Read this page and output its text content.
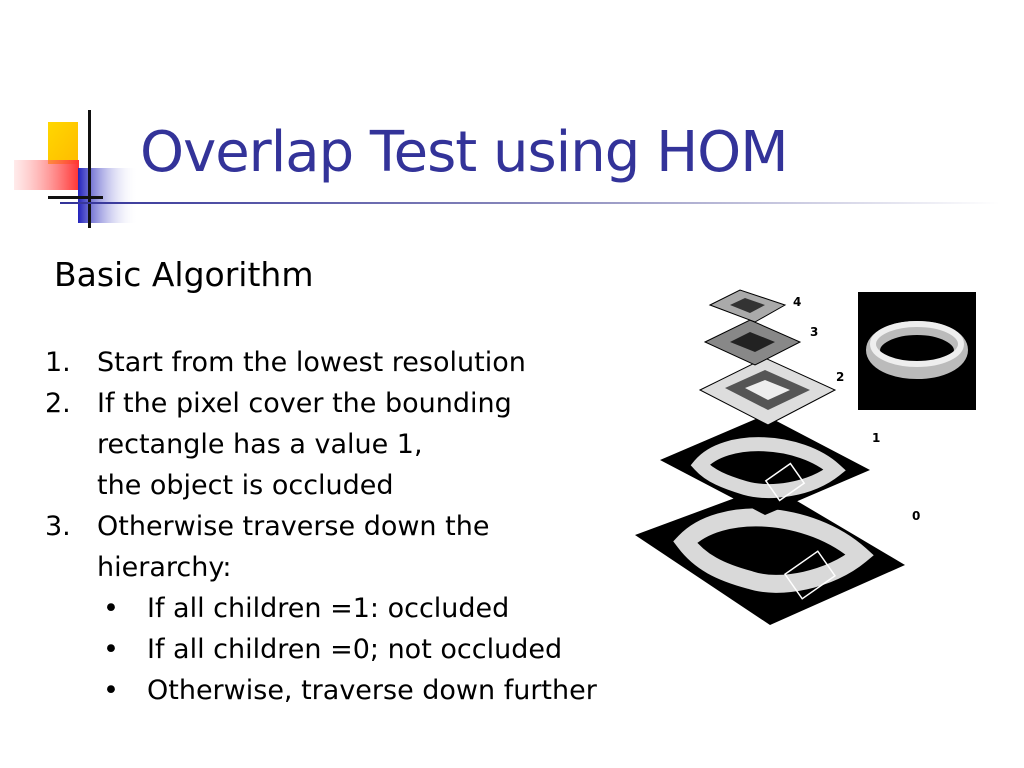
Overlap Test using HOM
Basic Algorithm
1. Start from the lowest resolution
2. If the pixel cover the bounding
rectangle has a value 1,
the object is occluded
3. Otherwise traverse down the
hierarchy:
• If all children =1: occluded
• If all children =0; not occluded
• Otherwise, traverse down further
4
3
2
1
0
